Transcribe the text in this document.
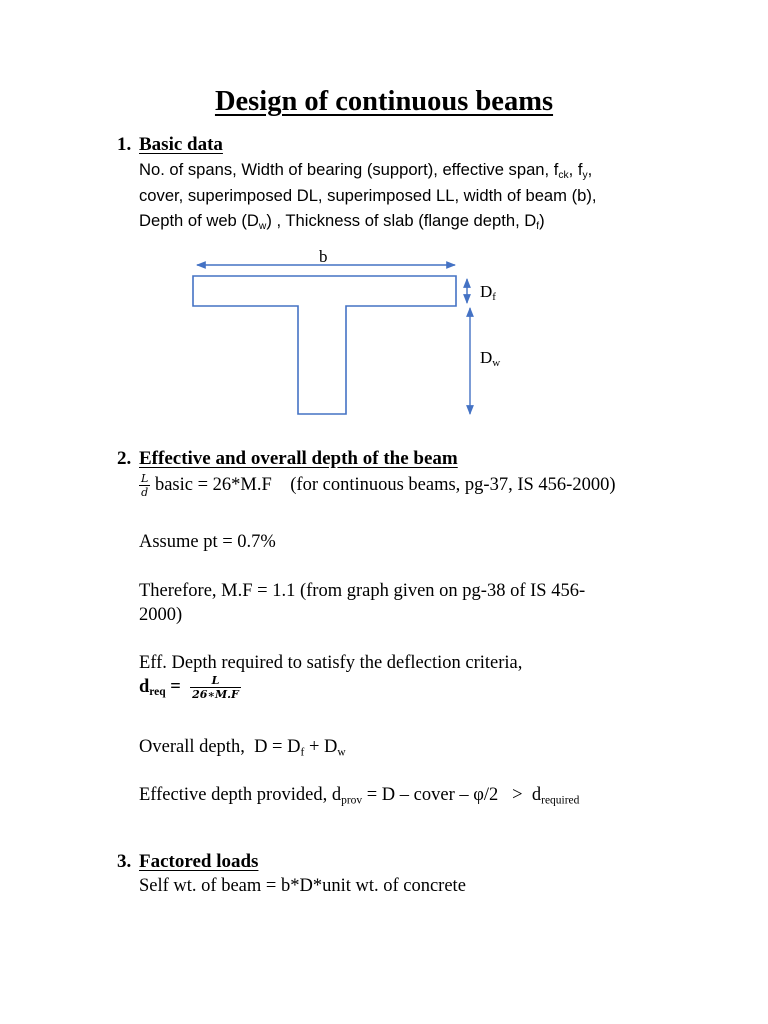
Design of continuous beams
1. Basic data
No. of spans, Width of bearing (support), effective span, $f_{ck}$, $f_y$,
cover, superimposed DL, superimposed LL, width of beam (b),
Depth of web $(D_w)$ , Thickness of slab (flange depth, $D_f$)
b
Df
Dw
2. Effective and overall depth of the beam
$\frac{L}{d}$ basic = 26*M.F    (for continuous beams, pg-37, IS 456-2000)
Assume pt = 0.7%
Therefore, M.F = 1.1 (from graph given on pg-38 of IS 456-
2000)
Eff. Depth required to satisfy the deflection criteria,
$d_{req} = \frac{L}{26∗M.F}$
Overall depth,  $D = D_f + D_w$
Effective depth provided, $d_{prov} = D$ – cover – $\varphi/2 > d_{required}$
3. Factored loads
Self wt. of beam = b*D*unit wt. of concrete
